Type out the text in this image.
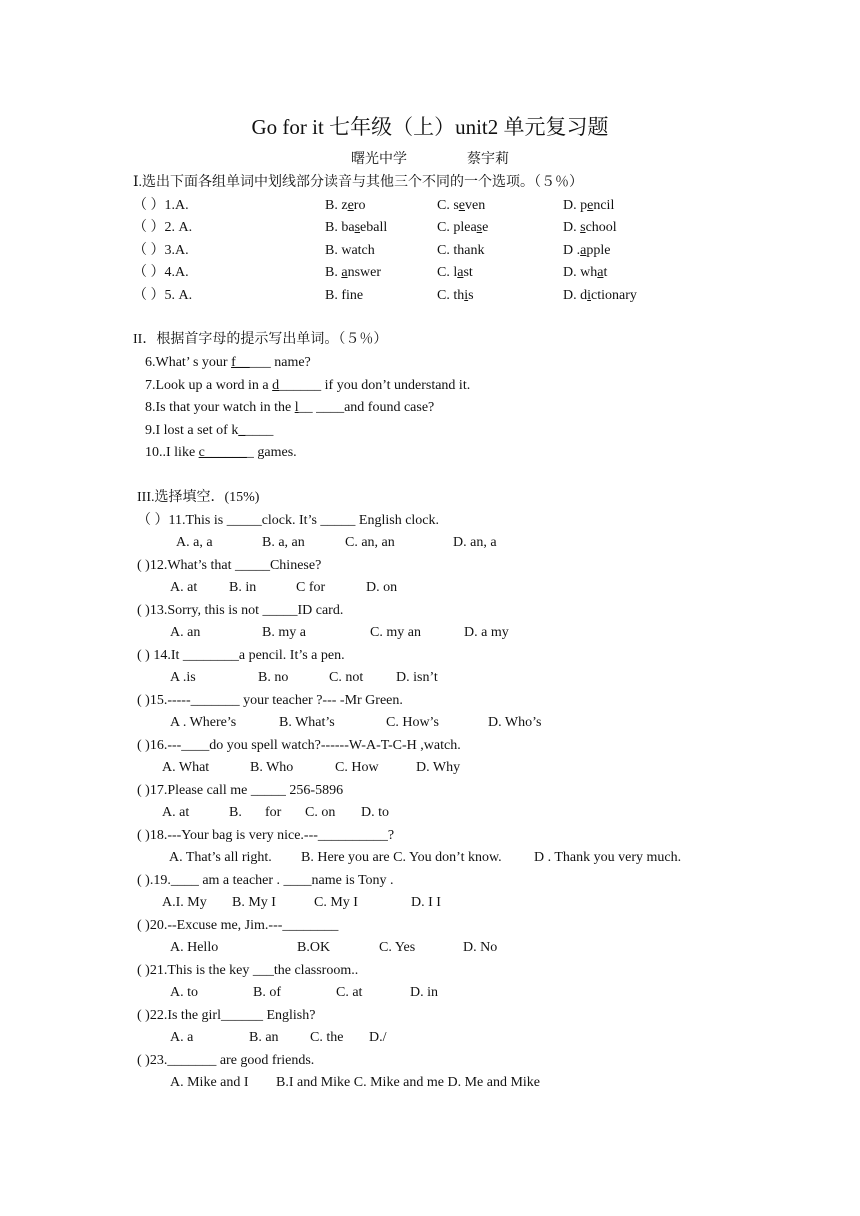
Go for it 七年级（上）unit2 单元复习题
曙光中学	蔡宇莉
Ⅰ.选出下面各组单词中划线部分读音与其他三个不同的一个选项。（５％）
（ ）1.A.	B. zero	C. seven	D. pencil
（ ）2. A.	B. baseball	C. please	D. school
（ ）3.A.	B. watch	C. thank	D .apple
（ ）4.A.	B. answer	C. last	D. what
（ ）5. A.	B. fine	C. this	D. dictionary
II．根据首字母的提示写出单词。（５％）
6.What’ s your f_____ name?
7.Look up a word in a d______ if you don’t understand it.
8.Is that your watch in the l__ ____and found case?
9.I lost a set of k_____
10..I like c_______ games.
III.选择填空．(15%)
（ ）11.This is _____clock. It’s _____ English clock.
A. a, a	B. a, an	C. an, an	D. an, a
( )12.What’s that _____Chinese?
A. at B. in	C for	D. on
( )13.Sorry, this is not _____ID card.
A. an	B. my a	C. my an	D. a my
( ) 14.It ________a pencil. It’s a pen.
A .is	B. no	C. not D. isn’t
( )15.-----_______ your teacher ?--- -Mr Green.
A . Where’s	B. What’s	C. How’s	D. Who’s
( )16.---____do you spell watch?------W-A-T-C-H ,watch.
A. What	B. Who	C. How	D. Why
( )17.Please call me _____ 256-5896
A. at	B. for C. on D. to
( )18.---Your bag is very nice.---__________?
A. That’s all right. B. Here you are C. You don’t know. D . Thank you very much.
( ).19.____ am a teacher . ____name is Tony .
A.I. My B. My I	C. My I	D. I I
( )20.--Excuse me, Jim.---________
A. Hello	B.OK	C. Yes	D. No
( )21.This is the key ___the classroom..
A. to	B. of	C. at	D. in
( )22.Is the girl______ English?
A. a	B. an C. the D./
( )23._______ are good friends.
A. Mike and I B.I and Mike C. Mike and me D. Me and Mike
